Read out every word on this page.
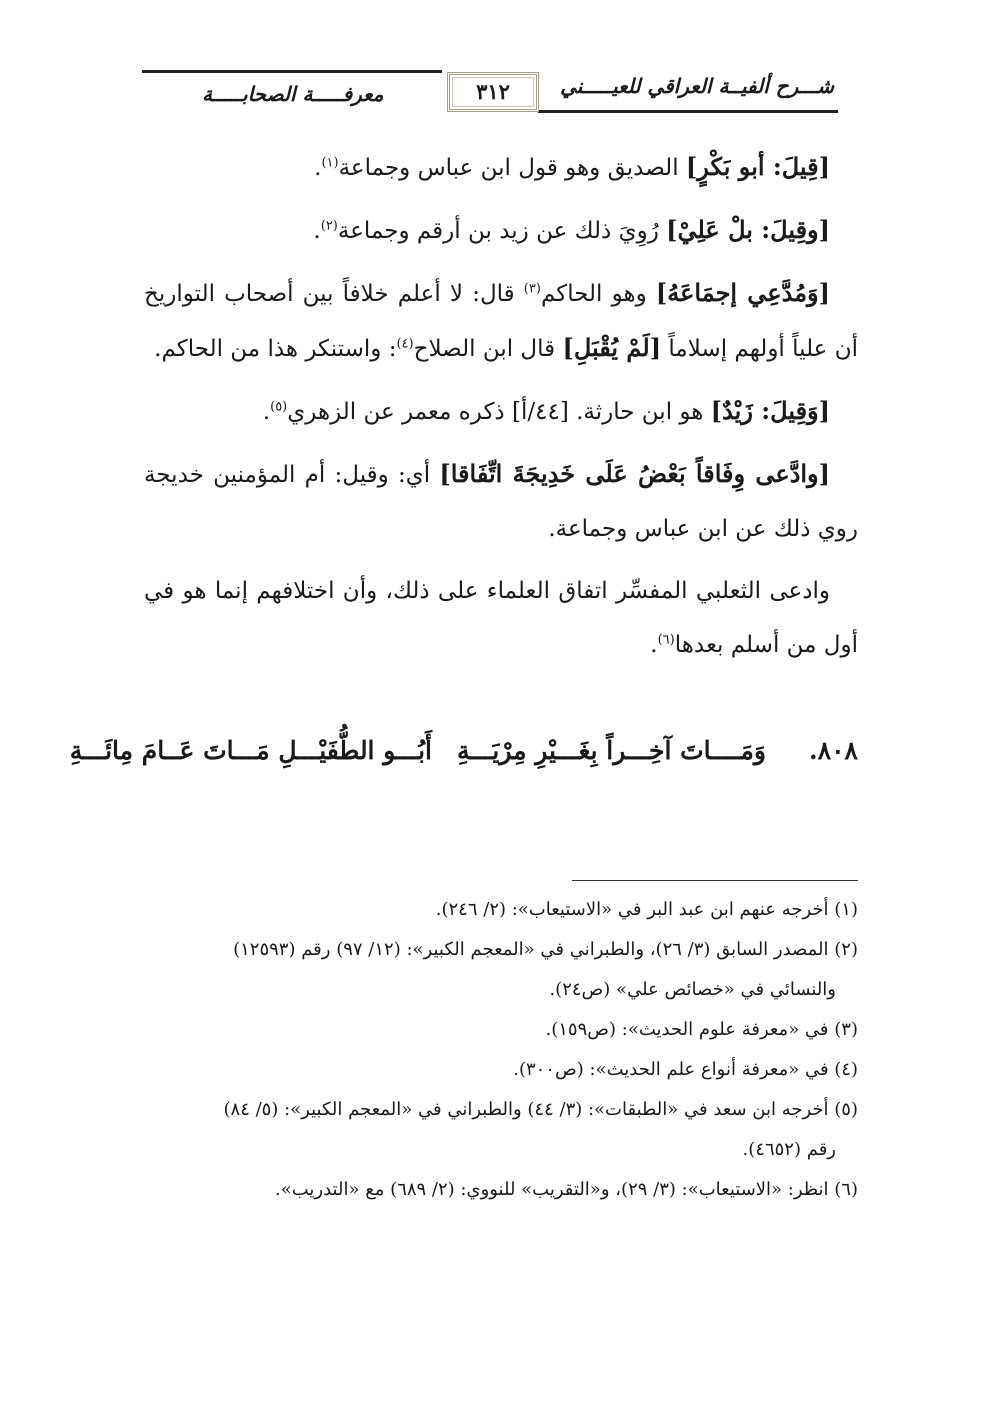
شـــرح ألفيــة العراقي للعيـــــني
٣١٢
معرفـــــة الصحابـــــة

[قِيلَ: أبو بَكْرٍ] الصديق وهو قول ابن عباس وجماعة$^{(١)}$.

[وقِيلَ: بلْ عَلِيْ] رُوِيَ ذلك عن زيد بن أرقم وجماعة$^{(٢)}$.

[وَمُدَّعِي إجمَاعَهُ] وهو الحاكم$^{(٣)}$ قال: لا أعلم خلافاً بين أصحاب التواريخ أن علياً أولهم إسلاماً [لَمْ يُقْبَلِ] قال ابن الصلاح$^{(٤)}$: واستنكر هذا من الحاكم.

[وَقِيلَ: زَيْدٌ] هو ابن حارثة. [٤٤/أ] ذكره معمر عن الزهري$^{(٥)}$.

[وادَّعى وِفَاقاً بَعْضُ عَلَى خَدِيجَةَ اتِّفَاقا] أي: وقيل: أم المؤمنين خديجة روي ذلك عن ابن عباس وجماعة.

وادعى الثعلبي المفسِّر اتفاق العلماء على ذلك، وأن اختلافهم إنما هو في أول من أسلم بعدها$^{(٦)}$.

٨٠٨.
وَمَــــاتَ آخِـــراً بِغَـــيْرِ مِرْيَـــةِ
أَبُـــو الطُّفَيْـــلِ مَـــاتَ عَــامَ مِائَـــةِ

(١) أخرجه عنهم ابن عبد البر في «الاستيعاب»: (٢/ ٢٤٦).

(٢) المصدر السابق (٣/ ٢٦)، والطبراني في «المعجم الكبير»: (١٢/ ٩٧) رقم (١٢٥٩٣)
والنسائي في «خصائص علي» (ص٢٤).

(٣) في «معرفة علوم الحديث»: (ص١٥٩).

(٤) في «معرفة أنواع علم الحديث»: (ص٣٠٠).

(٥) أخرجه ابن سعد في «الطبقات»: (٣/ ٤٤) والطبراني في «المعجم الكبير»: (٥/ ٨٤)
رقم (٤٦٥٢).

(٦) انظر: «الاستيعاب»: (٣/ ٢٩)، و«التقريب» للنووي: (٢/ ٦٨٩) مع «التدريب».
